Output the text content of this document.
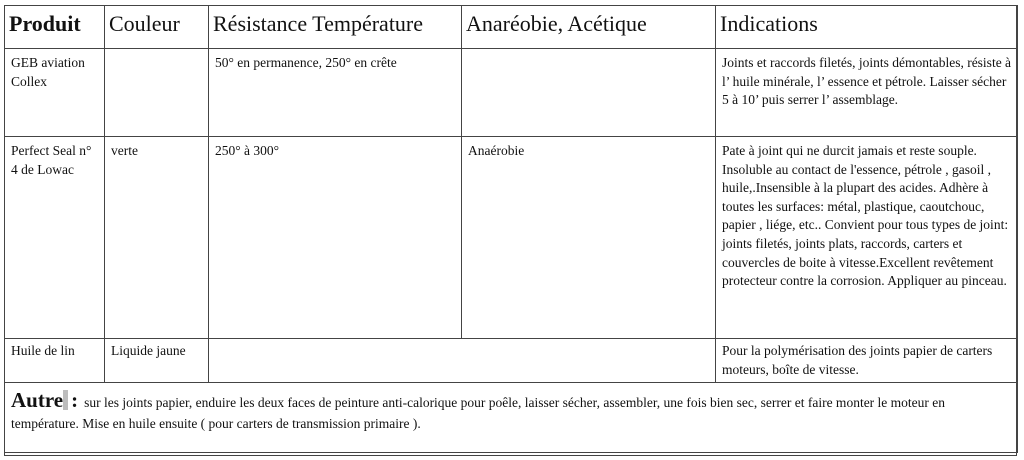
Produit	Couleur	Résistance Température	Anaréobie, Acétique	Indications
GEB aviation Collex		50° en permanence, 250° en crête		Joints et raccords filetés, joints démontables, résiste à l’ huile minérale, l’ essence et pétrole. Laisser sécher 5 à 10’ puis serrer l’ assemblage.
Perfect Seal n° 4 de Lowac	verte	250° à 300°	Anaérobie	Pate à joint qui ne durcit jamais et reste souple. Insoluble au contact de l'essence, pétrole , gasoil , huile,.Insensible à la plupart des acides. Adhère à toutes les surfaces: métal, plastique, caoutchouc, papier , liége, etc.. Convient pour tous types de joint: joints filetés, joints plats, raccords, carters et couvercles de boite à vitesse.Excellent revêtement protecteur contre la corrosion. Appliquer au pinceau.
Huile de lin	Liquide jaune			Pour la polymérisation des joints papier de carters moteurs, boîte de vitesse.
Autre : sur les joints papier, enduire les deux faces de peinture anti-calorique pour poêle, laisser sécher, assembler, une fois bien sec, serrer et faire monter le moteur en température. Mise en huile ensuite ( pour carters de transmission primaire ).				
